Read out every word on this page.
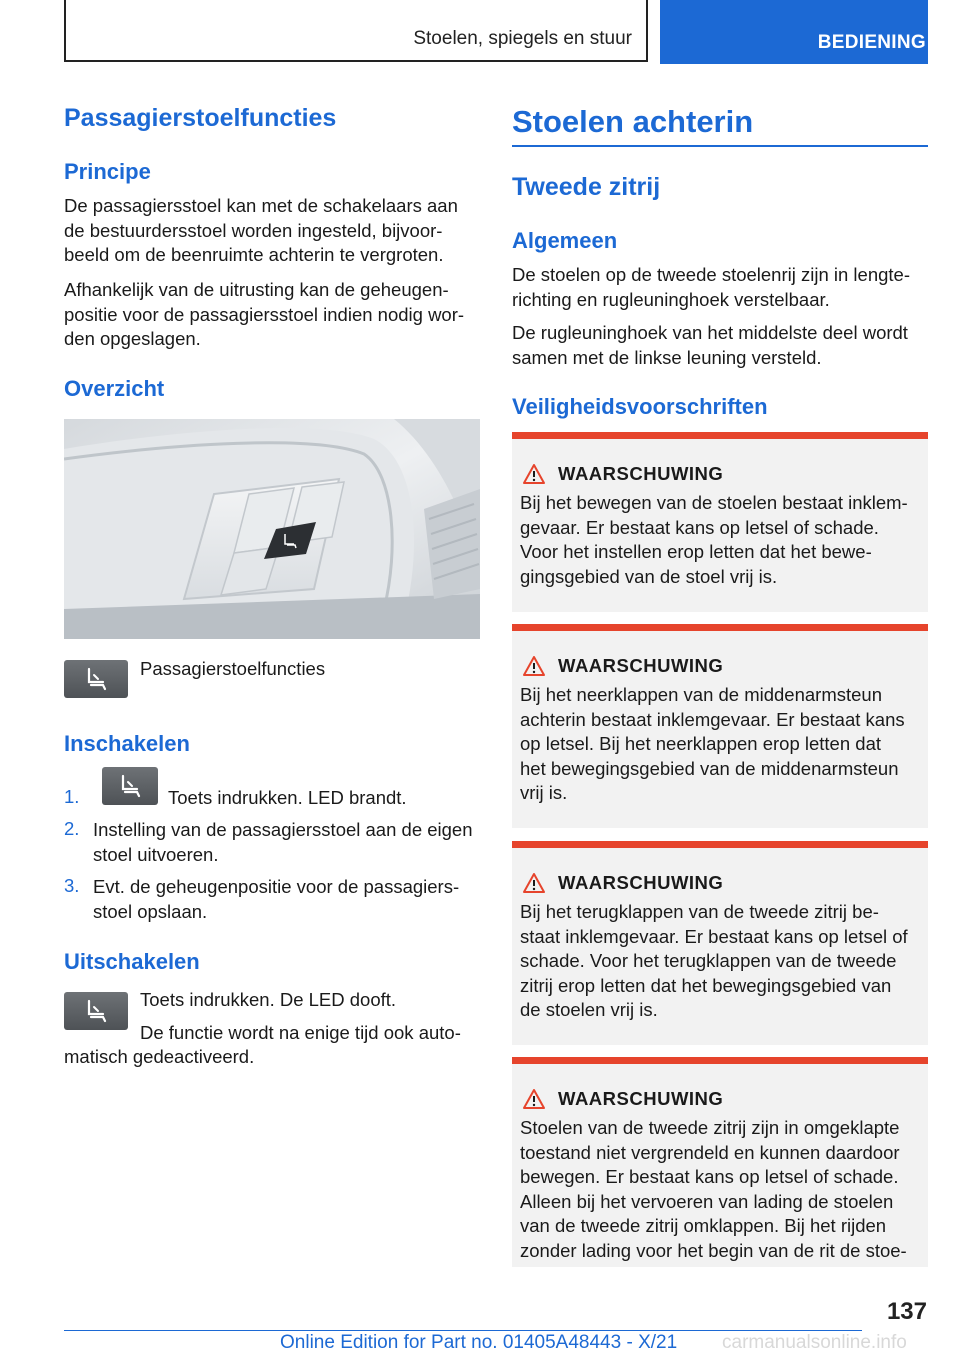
Stoelen, spiegels en stuur	BEDIENING
Passagierstoelfuncties
Principe
De passagiersstoel kan met de schakelaars aan
de bestuurdersstoel worden ingesteld, bijvoor-
beeld om de beenruimte achterin te vergroten.
Afhankelijk van de uitrusting kan de geheugen-
positie voor de passagiersstoel indien nodig wor-
den opgeslagen.
Overzicht
Passagierstoelfuncties
Inschakelen
1.	Toets indrukken. LED brandt.
2. Instelling van de passagiersstoel aan de eigen
stoel uitvoeren.
3. Evt. de geheugenpositie voor de passagiers-
stoel opslaan.
Uitschakelen
Toets indrukken. De LED dooft.
De functie wordt na enige tijd ook auto-
matisch gedeactiveerd.
Stoelen achterin
Tweede zitrij
Algemeen
De stoelen op de tweede stoelenrij zijn in lengte-
richting en rugleuninghoek verstelbaar.
De rugleuninghoek van het middelste deel wordt
samen met de linkse leuning versteld.
Veiligheidsvoorschriften
WAARSCHUWING
Bij het bewegen van de stoelen bestaat inklem-
gevaar. Er bestaat kans op letsel of schade.
Voor het instellen erop letten dat het bewe-
gingsgebied van de stoel vrij is.
WAARSCHUWING
Bij het neerklappen van de middenarmsteun
achterin bestaat inklemgevaar. Er bestaat kans
op letsel. Bij het neerklappen erop letten dat
het bewegingsgebied van de middenarmsteun
vrij is.
WAARSCHUWING
Bij het terugklappen van de tweede zitrij be-
staat inklemgevaar. Er bestaat kans op letsel of
schade. Voor het terugklappen van de tweede
zitrij erop letten dat het bewegingsgebied van
de stoelen vrij is.
WAARSCHUWING
Stoelen van de tweede zitrij zijn in omgeklapte
toestand niet vergrendeld en kunnen daardoor
bewegen. Er bestaat kans op letsel of schade.
Alleen bij het vervoeren van lading de stoelen
van de tweede zitrij omklappen. Bij het rijden
zonder lading voor het begin van de rit de stoe-
137
Online Edition for Part no. 01405A48443 - X/21 carmanualsonline.info
